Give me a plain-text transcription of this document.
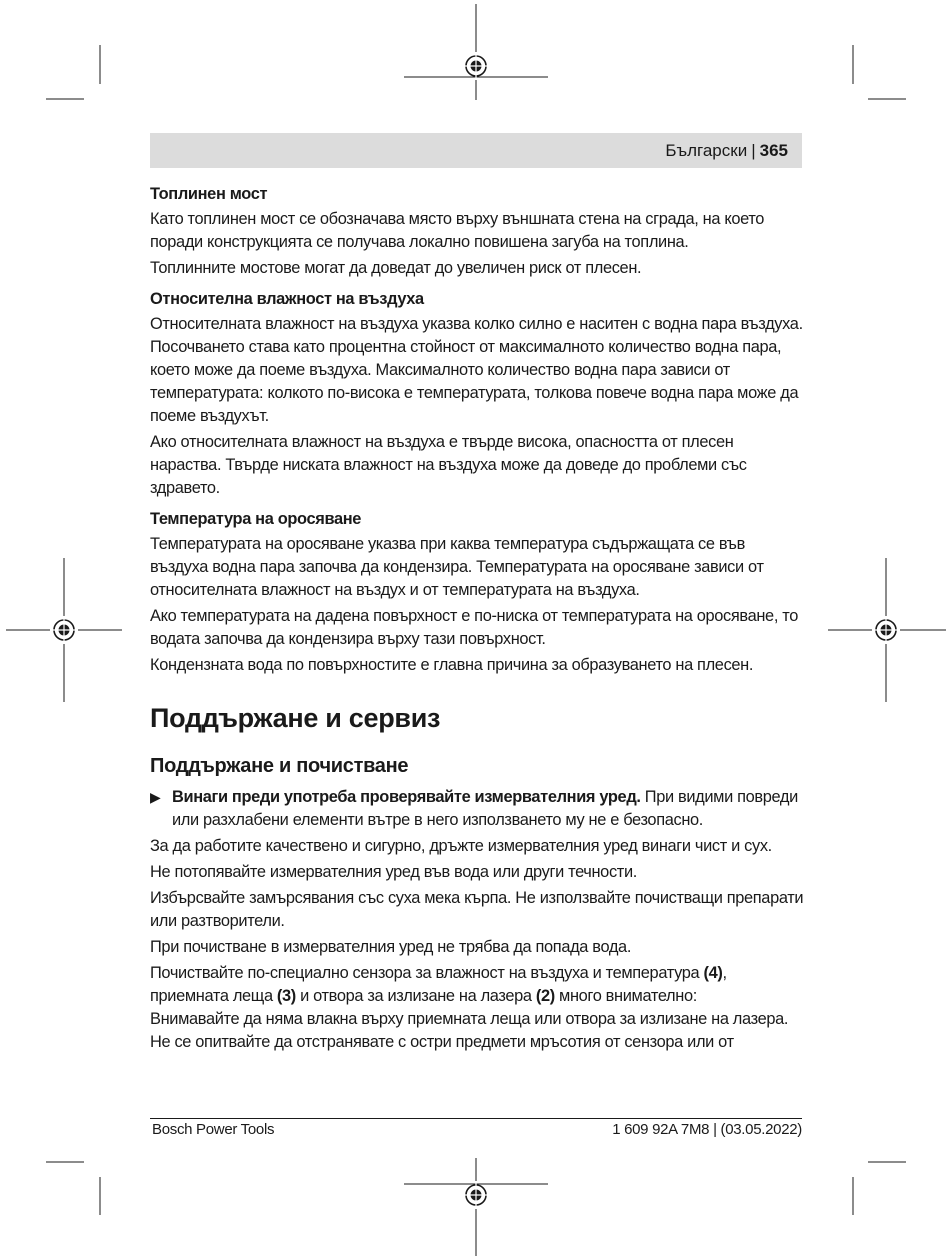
Български | 365
Топлинен мост

Като топлинен мост се обозначава място върху външната стена на сграда, на което поради конструкцията се получава локално повишена загуба на топлина.

Топлинните мостове могат да доведат до увеличен риск от плесен.

Относителна влажност на въздуха

Относителната влажност на въздуха указва колко силно е наситен с водна пара въздуха. Посочването става като процентна стойност от максималното количество водна пара, което може да поеме въздуха. Максималното количество водна пара зависи от температурата: колкото по-висока е температурата, толкова повече водна пара може да поеме въздухът.

Ако относителната влажност на въздуха е твърде висока, опасността от плесен нараства. Твърде ниската влажност на въздуха може да доведе до проблеми със здравето.

Температура на оросяване

Температурата на оросяване указва при каква температура съдържащата се във въздуха водна пара започва да кондензира. Температурата на оросяване зависи от относителната влажност на въздух и от температурата на въздуха.

Ако температурата на дадена повърхност е по-ниска от температурата на оросяване, то водата започва да кондензира върху тази повърхност.

Кондензната вода по повърхностите е главна причина за образуването на плесен.

Поддържане и сервиз
Поддържане и почистване

▶ Винаги преди употреба проверявайте измервателния уред. При видими повреди или разхлабени елементи вътре в него използването му не е безопасно.

За да работите качествено и сигурно, дръжте измервателния уред винаги чист и сух.

Не потопявайте измервателния уред във вода или други течности.

Избърсвайте замърсявания със суха мека кърпа. Не използвайте почистващи препарати или разтворители.

При почистване в измервателния уред не трябва да попада вода.

Почиствайте по-специално сензора за влажност на въздуха и температура (4), приемната леща (3) и отвора за излизане на лазера (2) много внимателно:

Внимавайте да няма влакна върху приемната леща или отвора за излизане на лазера. Не се опитвайте да отстранявате с остри предмети мръсотия от сензора или от

Bosch Power Tools	1 609 92A 7M8 | (03.05.2022)
